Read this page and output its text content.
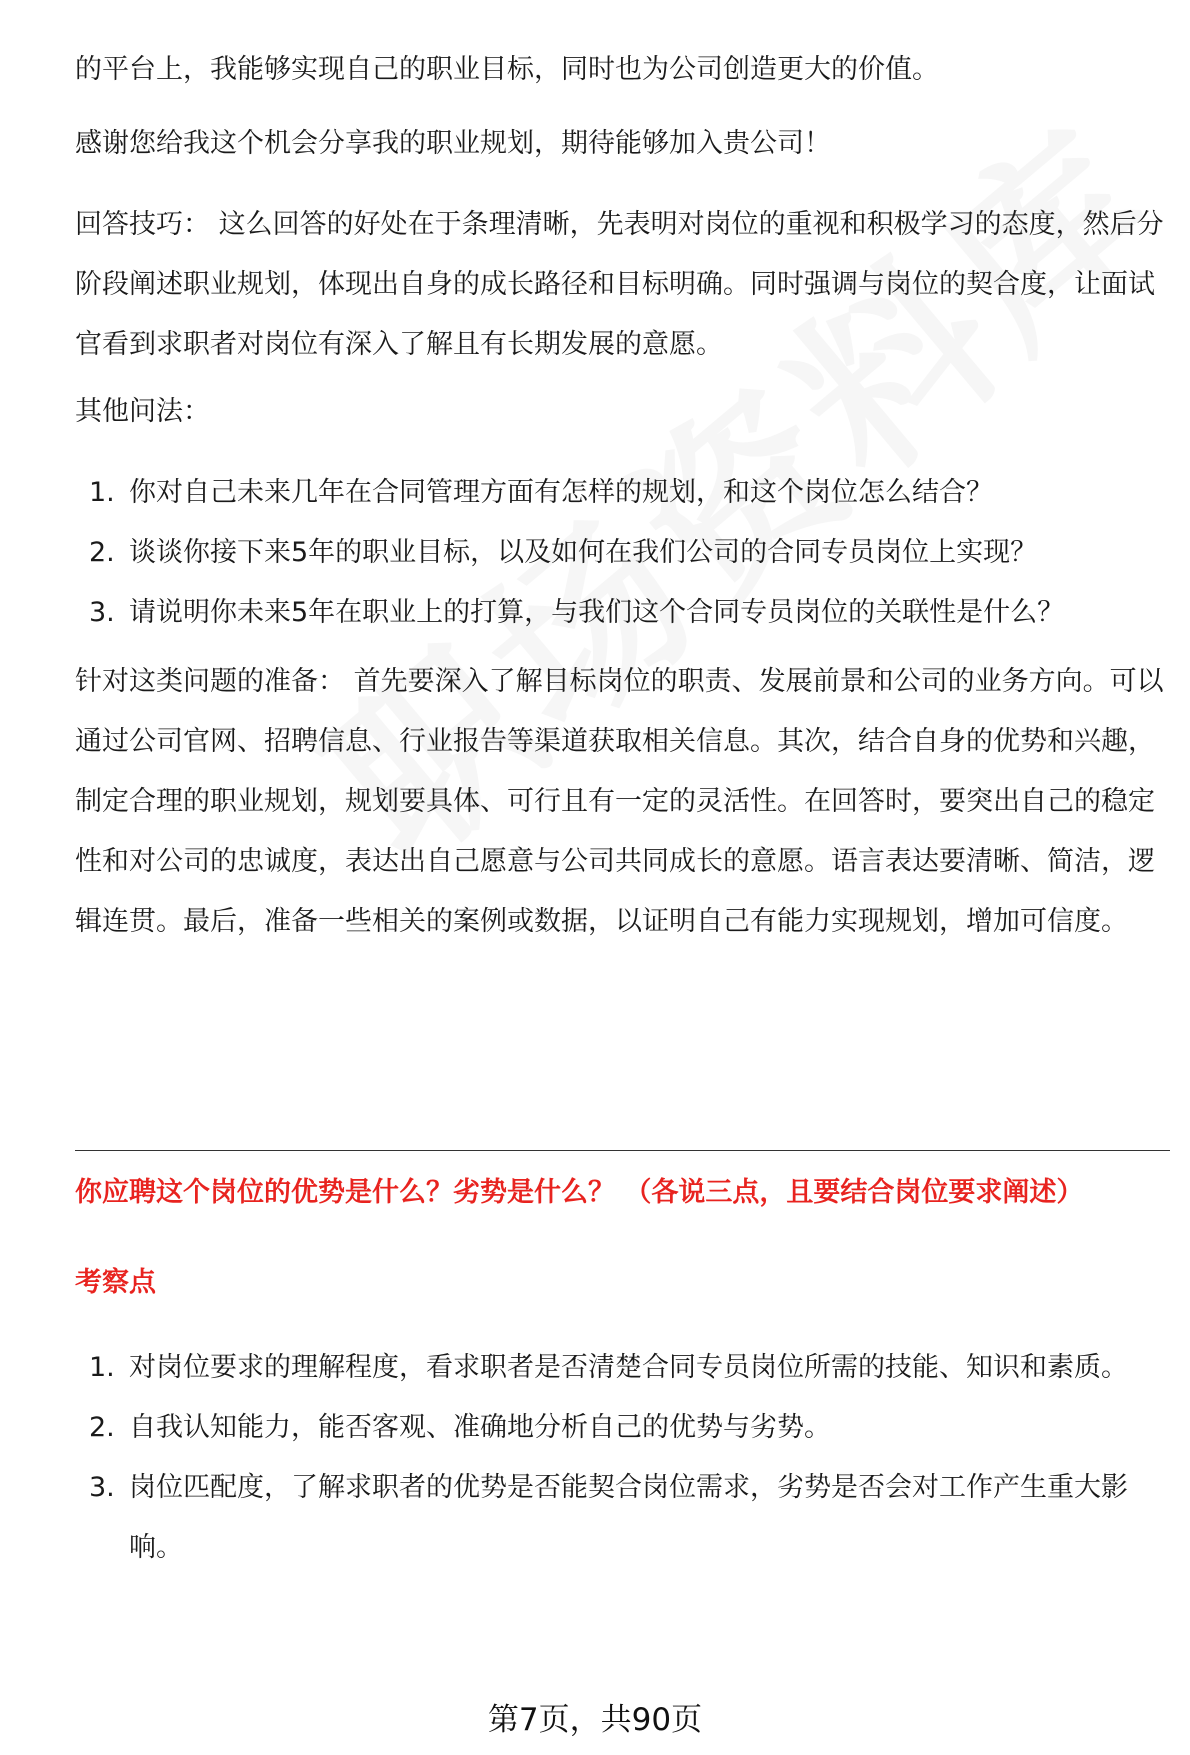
的平台上，我能够实现自己的职业目标，同时也为公司创造更大的价值。

感谢您给我这个机会分享我的职业规划，期待能够加入贵公司！

回答技巧： 这么回答的好处在于条理清晰，先表明对岗位的重视和积极学习的态度，然后分阶段阐述职业规划，体现出自身的成长路径和目标明确。同时强调与岗位的契合度，让面试官看到求职者对岗位有深入了解且有长期发展的意愿。

其他问法：

1. 你对自己未来几年在合同管理方面有怎样的规划，和这个岗位怎么结合？
2. 谈谈你接下来5年的职业目标，以及如何在我们公司的合同专员岗位上实现？
3. 请说明你未来5年在职业上的打算，与我们这个合同专员岗位的关联性是什么？

针对这类问题的准备： 首先要深入了解目标岗位的职责、发展前景和公司的业务方向。可以通过公司官网、招聘信息、行业报告等渠道获取相关信息。其次，结合自身的优势和兴趣，制定合理的职业规划，规划要具体、可行且有一定的灵活性。在回答时，要突出自己的稳定性和对公司的忠诚度，表达出自己愿意与公司共同成长的意愿。语言表达要清晰、简洁，逻辑连贯。最后，准备一些相关的案例或数据，以证明自己有能力实现规划，增加可信度。

你应聘这个岗位的优势是什么？劣势是什么？ （各说三点，且要结合岗位要求阐述）

考察点

1. 对岗位要求的理解程度，看求职者是否清楚合同专员岗位所需的技能、知识和素质。
2. 自我认知能力，能否客观、准确地分析自己的优势与劣势。
3. 岗位匹配度，了解求职者的优势是否能契合岗位需求，劣势是否会对工作产生重大影响。
第7页，共90页
